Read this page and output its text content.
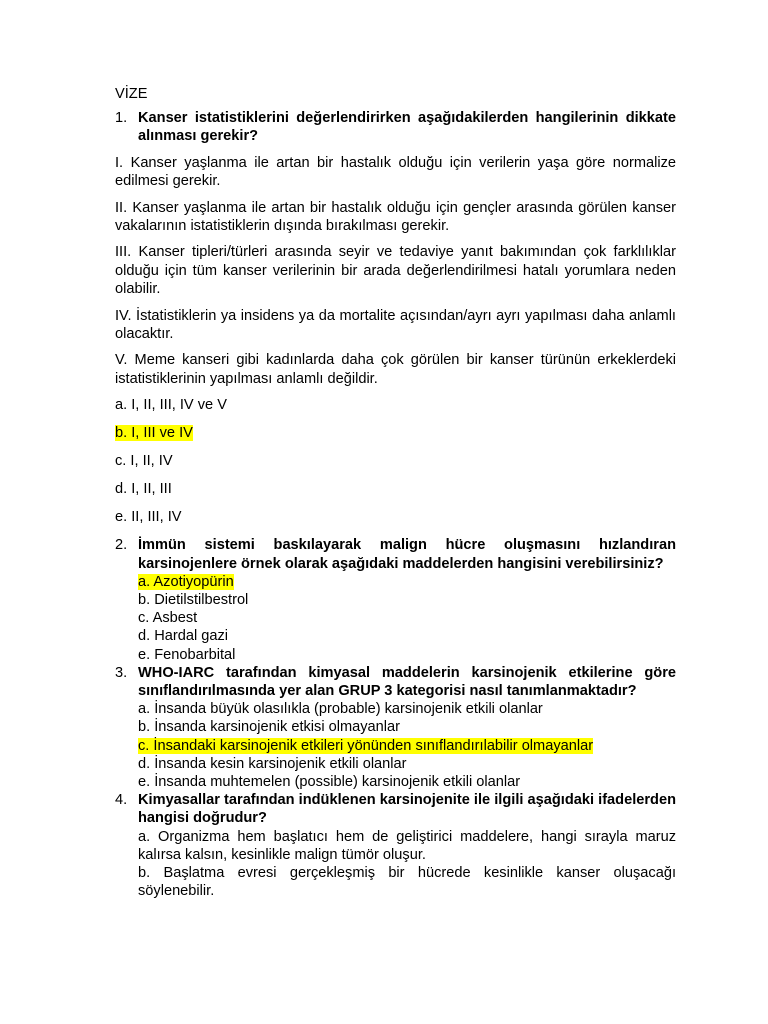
VİZE
1. Kanser istatistiklerini değerlendirirken aşağıdakilerden hangilerinin dikkate alınması gerekir?

I. Kanser yaşlanma ile artan bir hastalık olduğu için verilerin yaşa göre normalize edilmesi gerekir.

II. Kanser yaşlanma ile artan bir hastalık olduğu için gençler arasında görülen kanser vakalarının istatistiklerin dışında bırakılması gerekir.

III. Kanser tipleri/türleri arasında seyir ve tedaviye yanıt bakımından çok farklılıklar olduğu için tüm kanser verilerinin bir arada değerlendirilmesi hatalı yorumlara neden olabilir.

IV. İstatistiklerin ya insidens ya da mortalite açısından/ayrı ayrı yapılması daha anlamlı olacaktır.

V. Meme kanseri gibi kadınlarda daha çok görülen bir kanser türünün erkeklerdeki istatistiklerinin yapılması anlamlı değildir.

a. I, II, III, IV ve V

b. I, III ve IV

c. I, II, IV

d. I, II, III

e. II, III, IV

2. İmmün sistemi baskılayarak malign hücre oluşmasını hızlandıran karsinojenlere örnek olarak aşağıdaki maddelerden hangisini verebilirsiniz?
a. Azotiyopürin
b. Dietilstilbestrol
c. Asbest
d. Hardal gazi
e. Fenobarbital
3. WHO-IARC tarafından kimyasal maddelerin karsinojenik etkilerine göre sınıflandırılmasında yer alan GRUP 3 kategorisi nasıl tanımlanmaktadır?
a. İnsanda büyük olasılıkla (probable) karsinojenik etkili olanlar
b. İnsanda karsinojenik etkisi olmayanlar
c. İnsandaki karsinojenik etkileri yönünden sınıflandırılabilir olmayanlar
d. İnsanda kesin karsinojenik etkili olanlar
e. İnsanda muhtemelen (possible) karsinojenik etkili olanlar
4. Kimyasallar tarafından indüklenen karsinojenite ile ilgili aşağıdaki ifadelerden hangisi doğrudur?
a. Organizma hem başlatıcı hem de geliştirici maddelere, hangi sırayla maruz kalırsa kalsın, kesinlikle malign tümör oluşur.
b. Başlatma evresi gerçekleşmiş bir hücrede kesinlikle kanser oluşacağı söylenebilir.
